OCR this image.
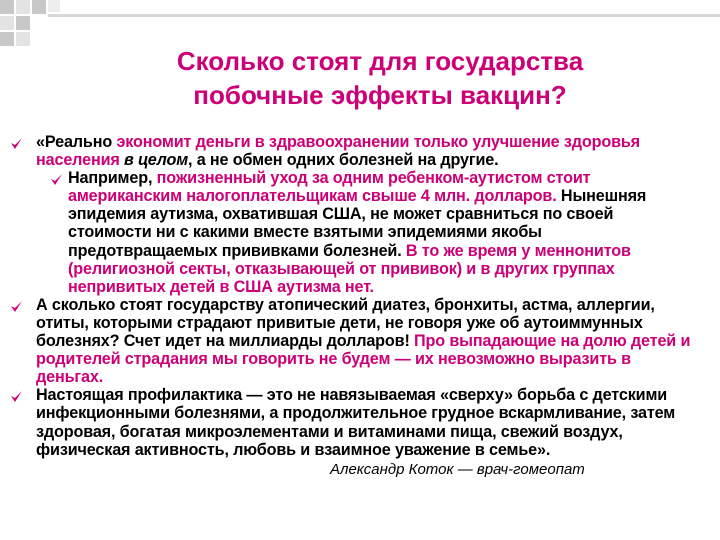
Сколько стоят для государства
побочные эффекты вакцин?
«Реально экономит деньги в здравоохранении только улучшение здоровья населения в целом, а не обмен одних болезней на другие.
Например, пожизненный уход за одним ребенком-аутистом стоит американским налогоплательщикам свыше 4 млн. долларов. Нынешняя эпидемия аутизма, охватившая США, не может сравниться по своей стоимости ни с какими вместе взятыми эпидемиями якобы предотвращаемых прививками болезней. В то же время у меннонитов (религиозной секты, отказывающей от прививок) и в других группах непривитых детей в США аутизма нет.
А сколько стоят государству атопический диатез, бронхиты, астма, аллергии, отиты, которыми страдают привитые дети, не говоря уже об аутоиммунных болезнях? Счет идет на миллиарды долларов! Про выпадающие на долю детей и родителей страдания мы говорить не будем — их невозможно выразить в деньгах.
Настоящая профилактика — это не навязываемая «сверху» борьба с детскими инфекционными болезнями, а продолжительное грудное вскармливание, затем здоровая, богатая микроэлементами и витаминами пища, свежий воздух, физическая активность, любовь и взаимное уважение в семье».
Александр Коток — врач-гомеопат
